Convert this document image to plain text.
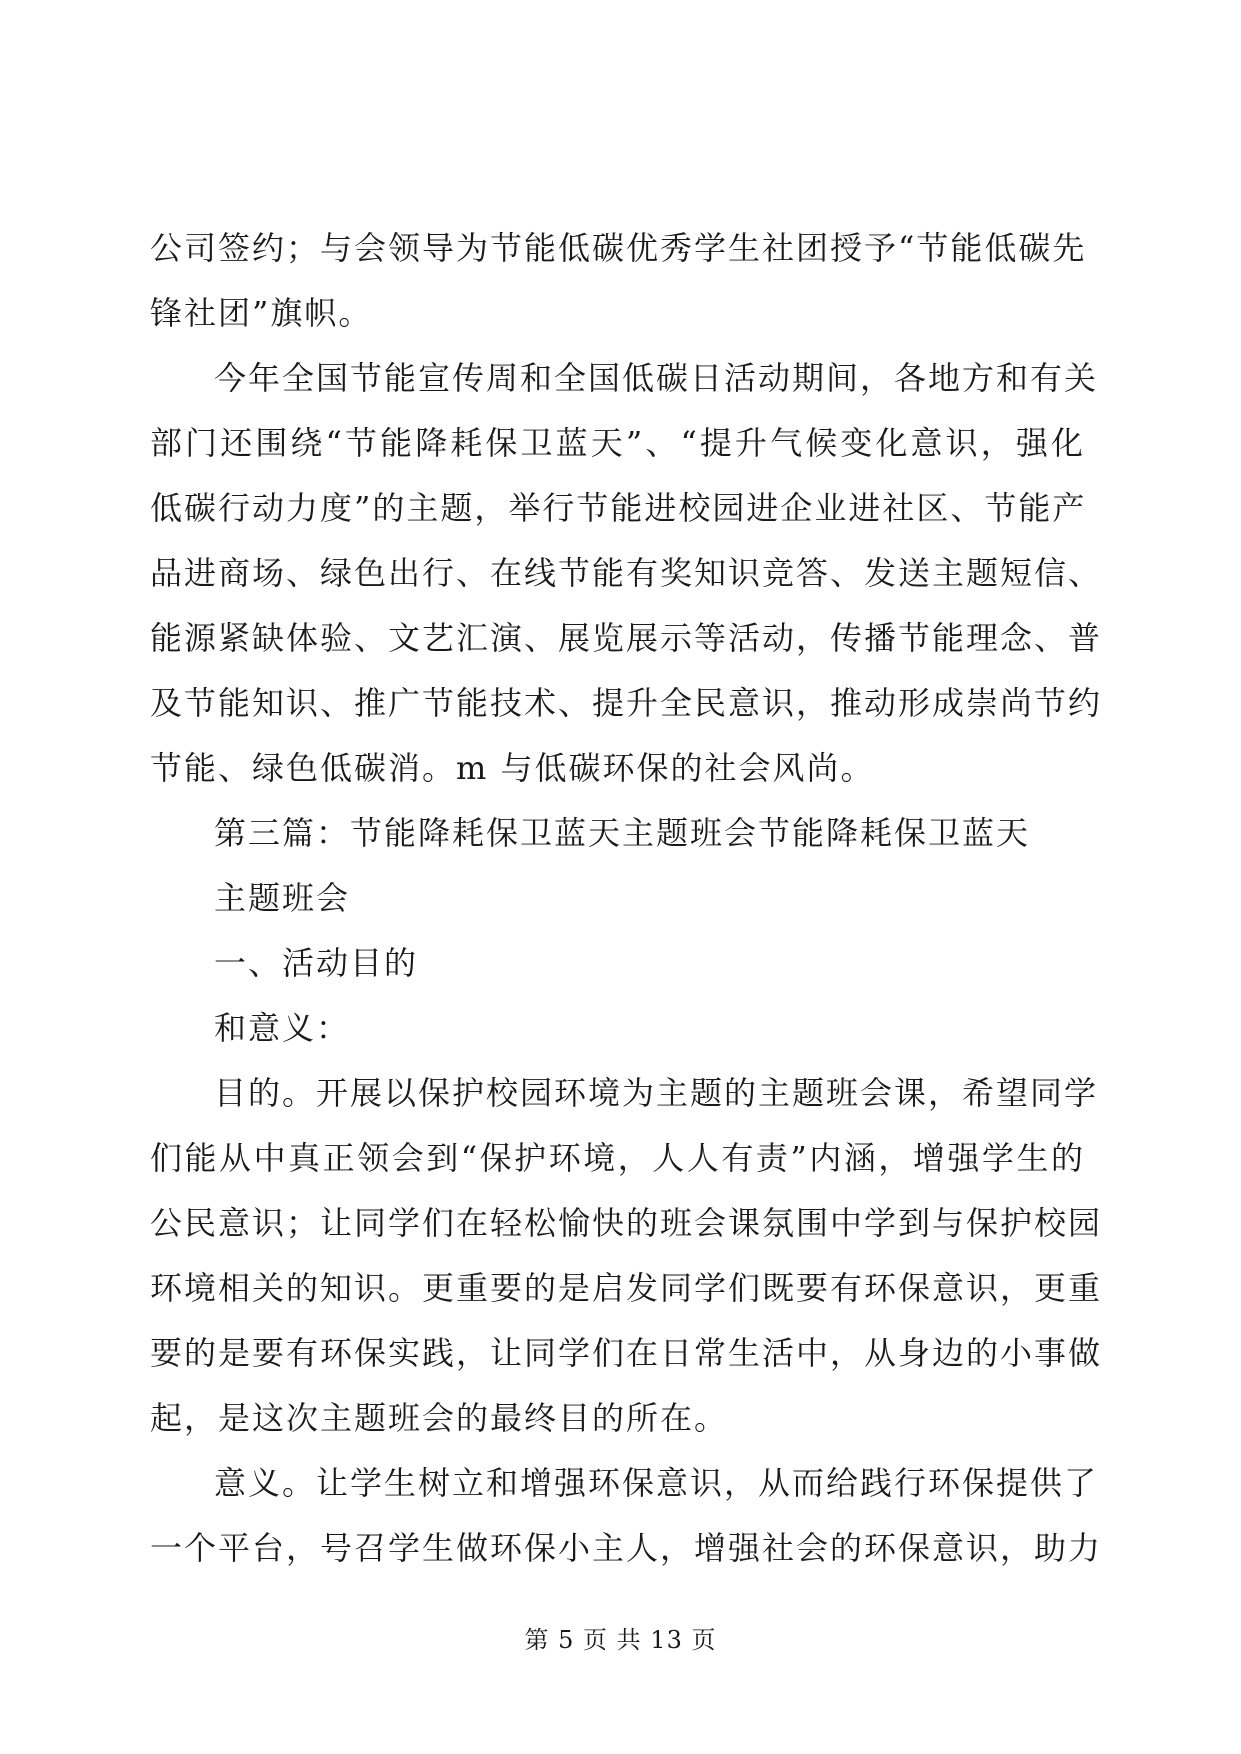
公司签约；与会领导为节能低碳优秀学生社团授予“节能低碳先
锋社团”旗帜。
今年全国节能宣传周和全国低碳日活动期间，各地方和有关
部门还围绕“节能降耗保卫蓝天”、“提升气候变化意识，强化
低碳行动力度”的主题，举行节能进校园进企业进社区、节能产
品进商场、绿色出行、在线节能有奖知识竞答、发送主题短信、
能源紧缺体验、文艺汇演、展览展示等活动，传播节能理念、普
及节能知识、推广节能技术、提升全民意识，推动形成崇尚节约
节能、绿色低碳消。m 与低碳环保的社会风尚。
第三篇：节能降耗保卫蓝天主题班会节能降耗保卫蓝天
主题班会
一、活动目的
和意义：
目的。开展以保护校园环境为主题的主题班会课，希望同学
们能从中真正领会到“保护环境，人人有责”内涵，增强学生的
公民意识；让同学们在轻松愉快的班会课氛围中学到与保护校园
环境相关的知识。更重要的是启发同学们既要有环保意识，更重
要的是要有环保实践，让同学们在日常生活中，从身边的小事做
起，是这次主题班会的最终目的所在。
意义。让学生树立和增强环保意识，从而给践行环保提供了
一个平台，号召学生做环保小主人，增强社会的环保意识，助力
第 5 页 共 13 页
